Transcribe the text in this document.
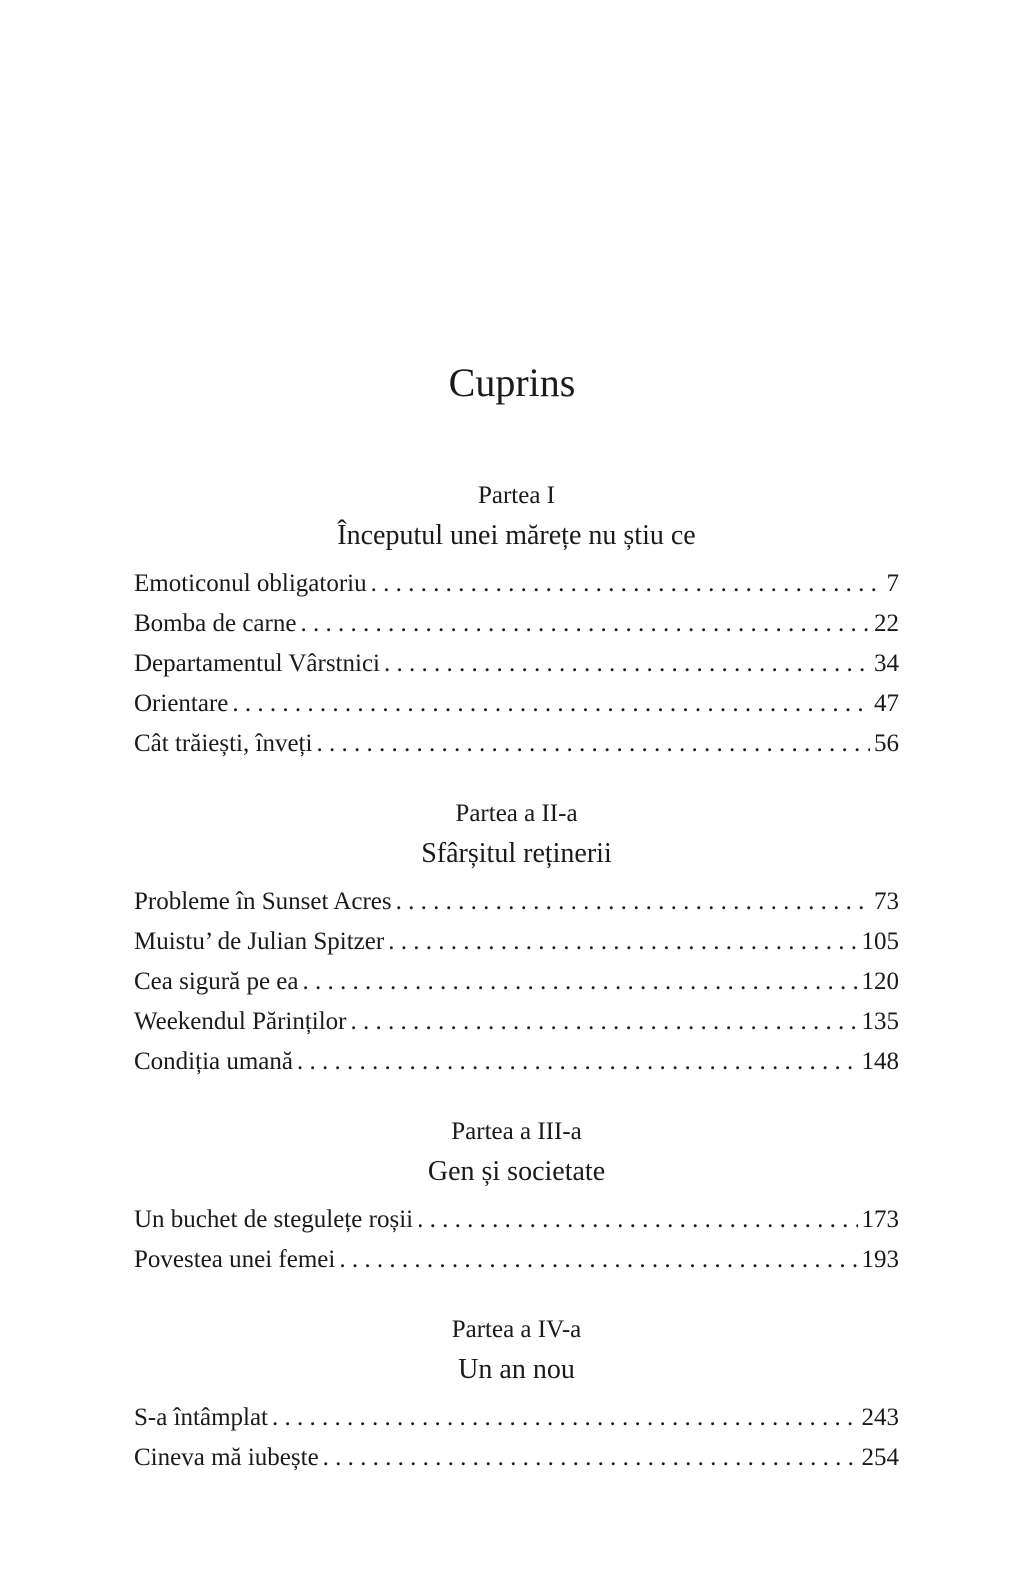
Cuprins
Partea I
Începutul unei mărețe nu știu ce
Emoticonul obligatoriu . . .	7
Bomba de carne . . .	22
Departamentul Vârstnici . . .	34
Orientare . . .	47
Cât trăiești, înveți . . .	56
Partea a II-a
Sfârșitul reținerii
Probleme în Sunset Acres . . .	73
Muistu’ de Julian Spitzer . . .	105
Cea sigură pe ea . . .	120
Weekendul Părinților . . .	135
Condiția umană . . .	148
Partea a III-a
Gen și societate
Un buchet de stegulețe roșii . . .	173
Povestea unei femei . . .	193
Partea a IV-a
Un an nou
S-a întâmplat . . .	243
Cineva mă iubește . . .	254
